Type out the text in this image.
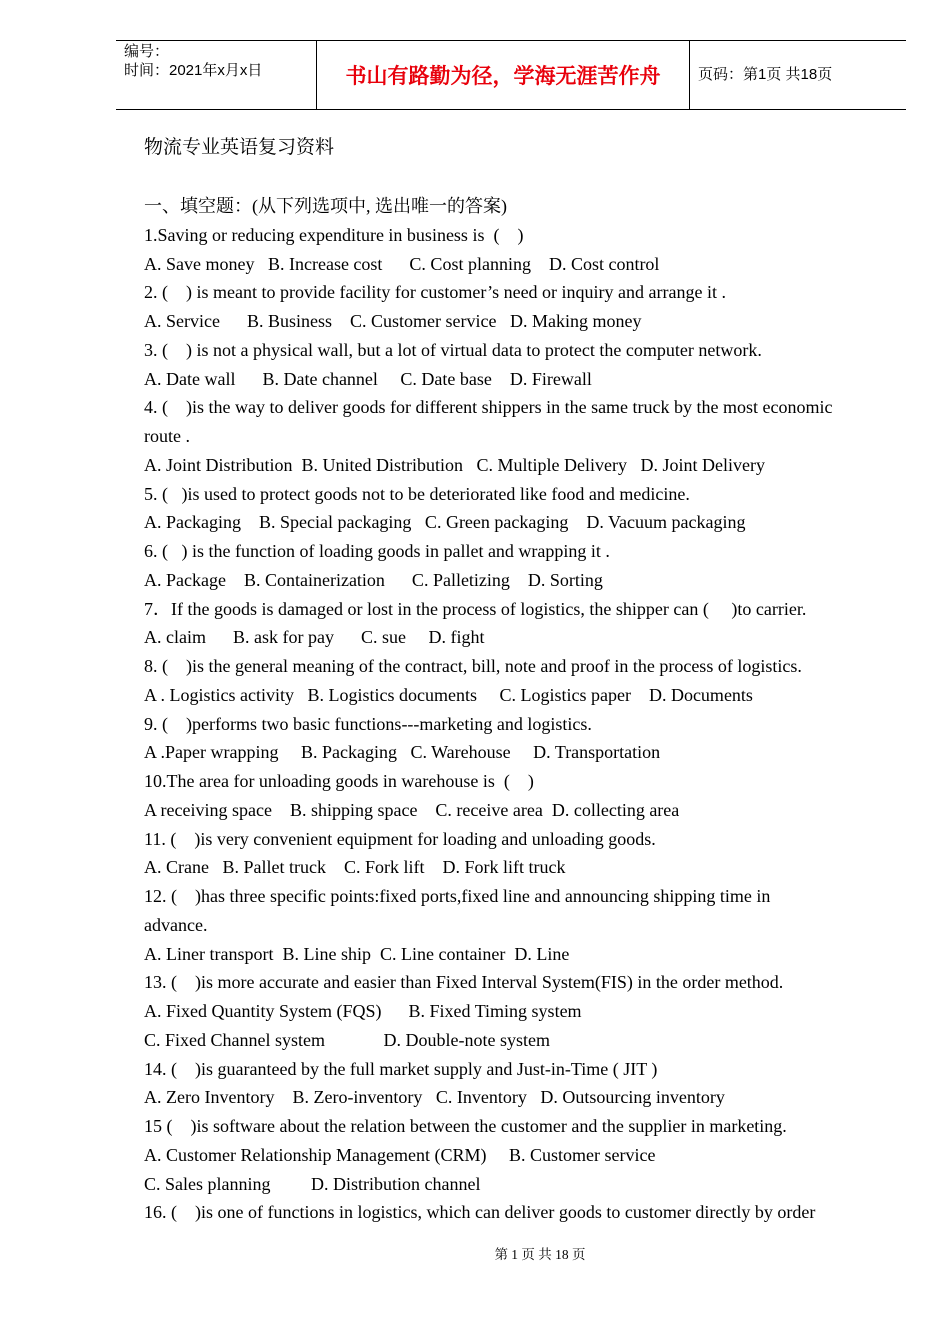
编号：
时间：2021年x月x日	书山有路勤为径，学海无涯苦作舟	页码：第1页 共18页
物流专业英语复习资料
一、填空题：(从下列选项中, 选出唯一的答案)
1.Saving or reducing expenditure in business is  (    )
A. Save money   B. Increase cost      C. Cost planning    D. Cost control
2. (    ) is meant to provide facility for customer’s need or inquiry and arrange it .
A. Service      B. Business    C. Customer service   D. Making money
3. (    ) is not a physical wall, but a lot of virtual data to protect the computer network.
A. Date wall      B. Date channel     C. Date base    D. Firewall
4. (    )is the way to deliver goods for different shippers in the same truck by the most economic
route .
A. Joint Distribution  B. United Distribution   C. Multiple Delivery   D. Joint Delivery
5. (   )is used to protect goods not to be deteriorated like food and medicine.
A. Packaging    B. Special packaging   C. Green packaging    D. Vacuum packaging
6. (   ) is the function of loading goods in pallet and wrapping it .
A. Package    B. Containerization      C. Palletizing    D. Sorting
7．If the goods is damaged or lost in the process of logistics, the shipper can (     )to carrier.
A. claim      B. ask for pay      C. sue     D. fight
8. (    )is the general meaning of the contract, bill, note and proof in the process of logistics.
A . Logistics activity   B. Logistics documents     C. Logistics paper    D. Documents
9. (    )performs two basic functions---marketing and logistics.
A .Paper wrapping     B. Packaging   C. Warehouse     D. Transportation
10.The area for unloading goods in warehouse is  (    )
A receiving space    B. shipping space    C. receive area  D. collecting area
11. (    )is very convenient equipment for loading and unloading goods.
A. Crane   B. Pallet truck    C. Fork lift    D. Fork lift truck
12. (    )has three specific points:fixed ports,fixed line and announcing shipping time in
advance.
A. Liner transport  B. Line ship  C. Line container  D. Line
13. (    )is more accurate and easier than Fixed Interval System(FIS) in the order method.
A. Fixed Quantity System (FQS)      B. Fixed Timing system
C. Fixed Channel system             D. Double-note system
14. (    )is guaranteed by the full market supply and Just-in-Time ( JIT )
A. Zero Inventory    B. Zero-inventory   C. Inventory   D. Outsourcing inventory
15 (    )is software about the relation between the customer and the supplier in marketing.
A. Customer Relationship Management (CRM)     B. Customer service
C. Sales planning         D. Distribution channel
16. (    )is one of functions in logistics, which can deliver goods to customer directly by order
第 1 页 共 18 页
